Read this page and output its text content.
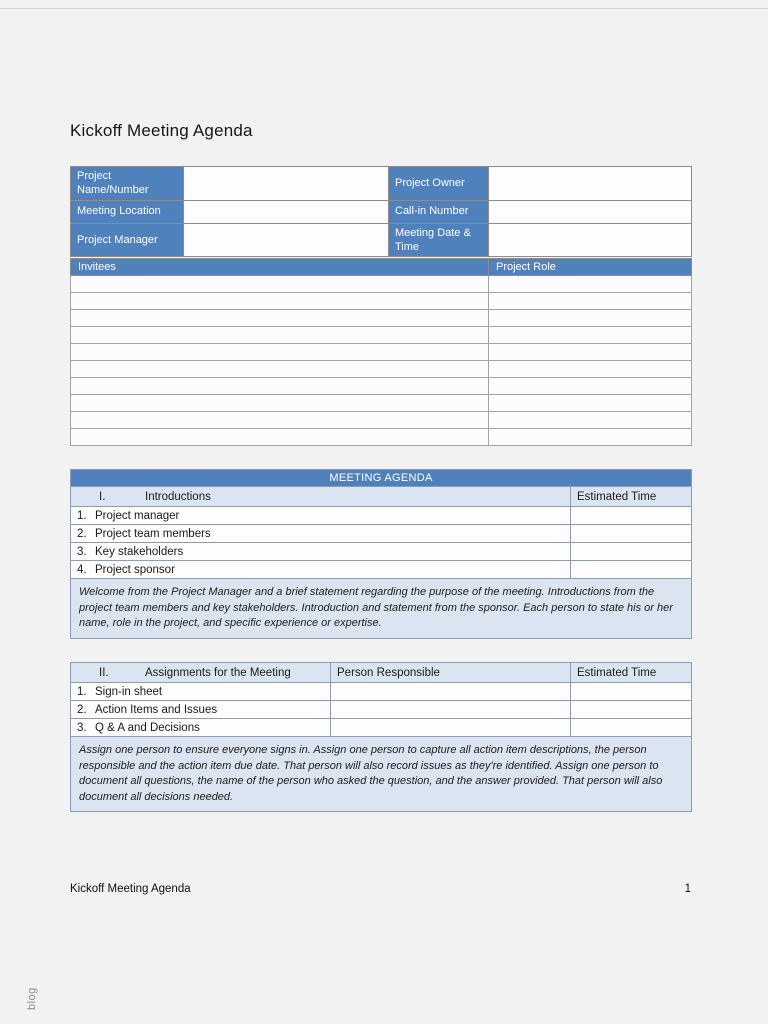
Kickoff Meeting Agenda
Project Name/Number		Project Owner	
Meeting Location		Call-in Number	
Project Manager		Meeting Date & Time	
Invitees	Project Role

MEETING AGENDA	
I. Introductions	Estimated Time
1. Project manager	
2. Project team members	
3. Key stakeholders	
4. Project sponsor	
Welcome from the Project Manager and a brief statement regarding the purpose of the meeting. Introductions from the project team members and key stakeholders. Introduction and statement from the sponsor. Each person to state his or her name, role in the project, and specific experience or expertise.	
II. Assignments for the Meeting	Person Responsible	Estimated Time
1. Sign-in sheet		
2. Action Items and Issues		
3. Q & A and Decisions		
Assign one person to ensure everyone signs in. Assign one person to capture all action item descriptions, the person responsible and the action item due date. That person will also record issues as they're identified. Assign one person to document all questions, the name of the person who asked the question, and the answer provided. That person will also document all decisions needed.		
Kickoff Meeting Agenda	1
blog
